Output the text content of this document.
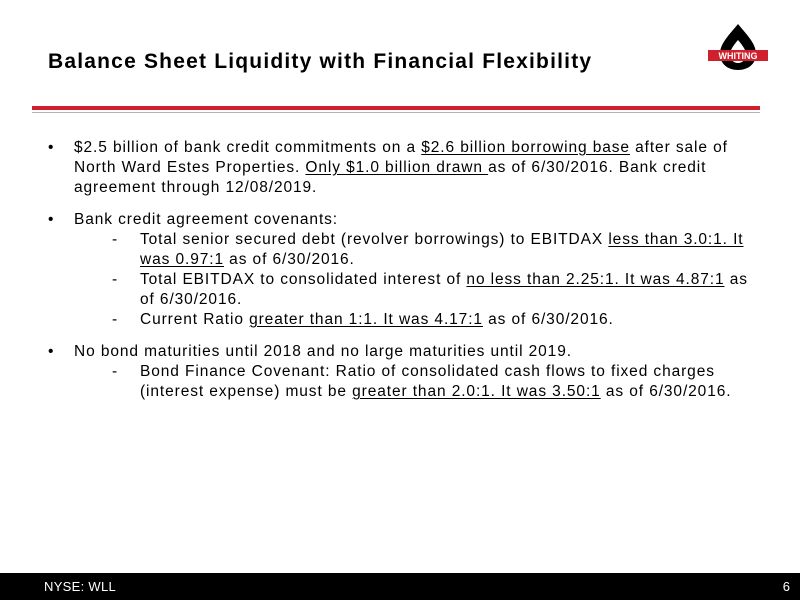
Balance Sheet Liquidity with Financial Flexibility	WHITING
• $2.5 billion of bank credit commitments on a $2.6 billion borrowing base after sale of North Ward Estes Properties. Only $1.0 billion drawn as of 6/30/2016. Bank credit agreement through 12/08/2019.
• Bank credit agreement covenants:
- Total senior secured debt (revolver borrowings) to EBITDAX less than 3.0:1. It was 0.97:1 as of 6/30/2016.
- Total EBITDAX to consolidated interest of no less than 2.25:1. It was 4.87:1 as of 6/30/2016.
- Current Ratio greater than 1:1. It was 4.17:1 as of 6/30/2016.
• No bond maturities until 2018 and no large maturities until 2019.
- Bond Finance Covenant: Ratio of consolidated cash flows to fixed charges (interest expense) must be greater than 2.0:1. It was 3.50:1 as of 6/30/2016.
NYSE: WLL	6
